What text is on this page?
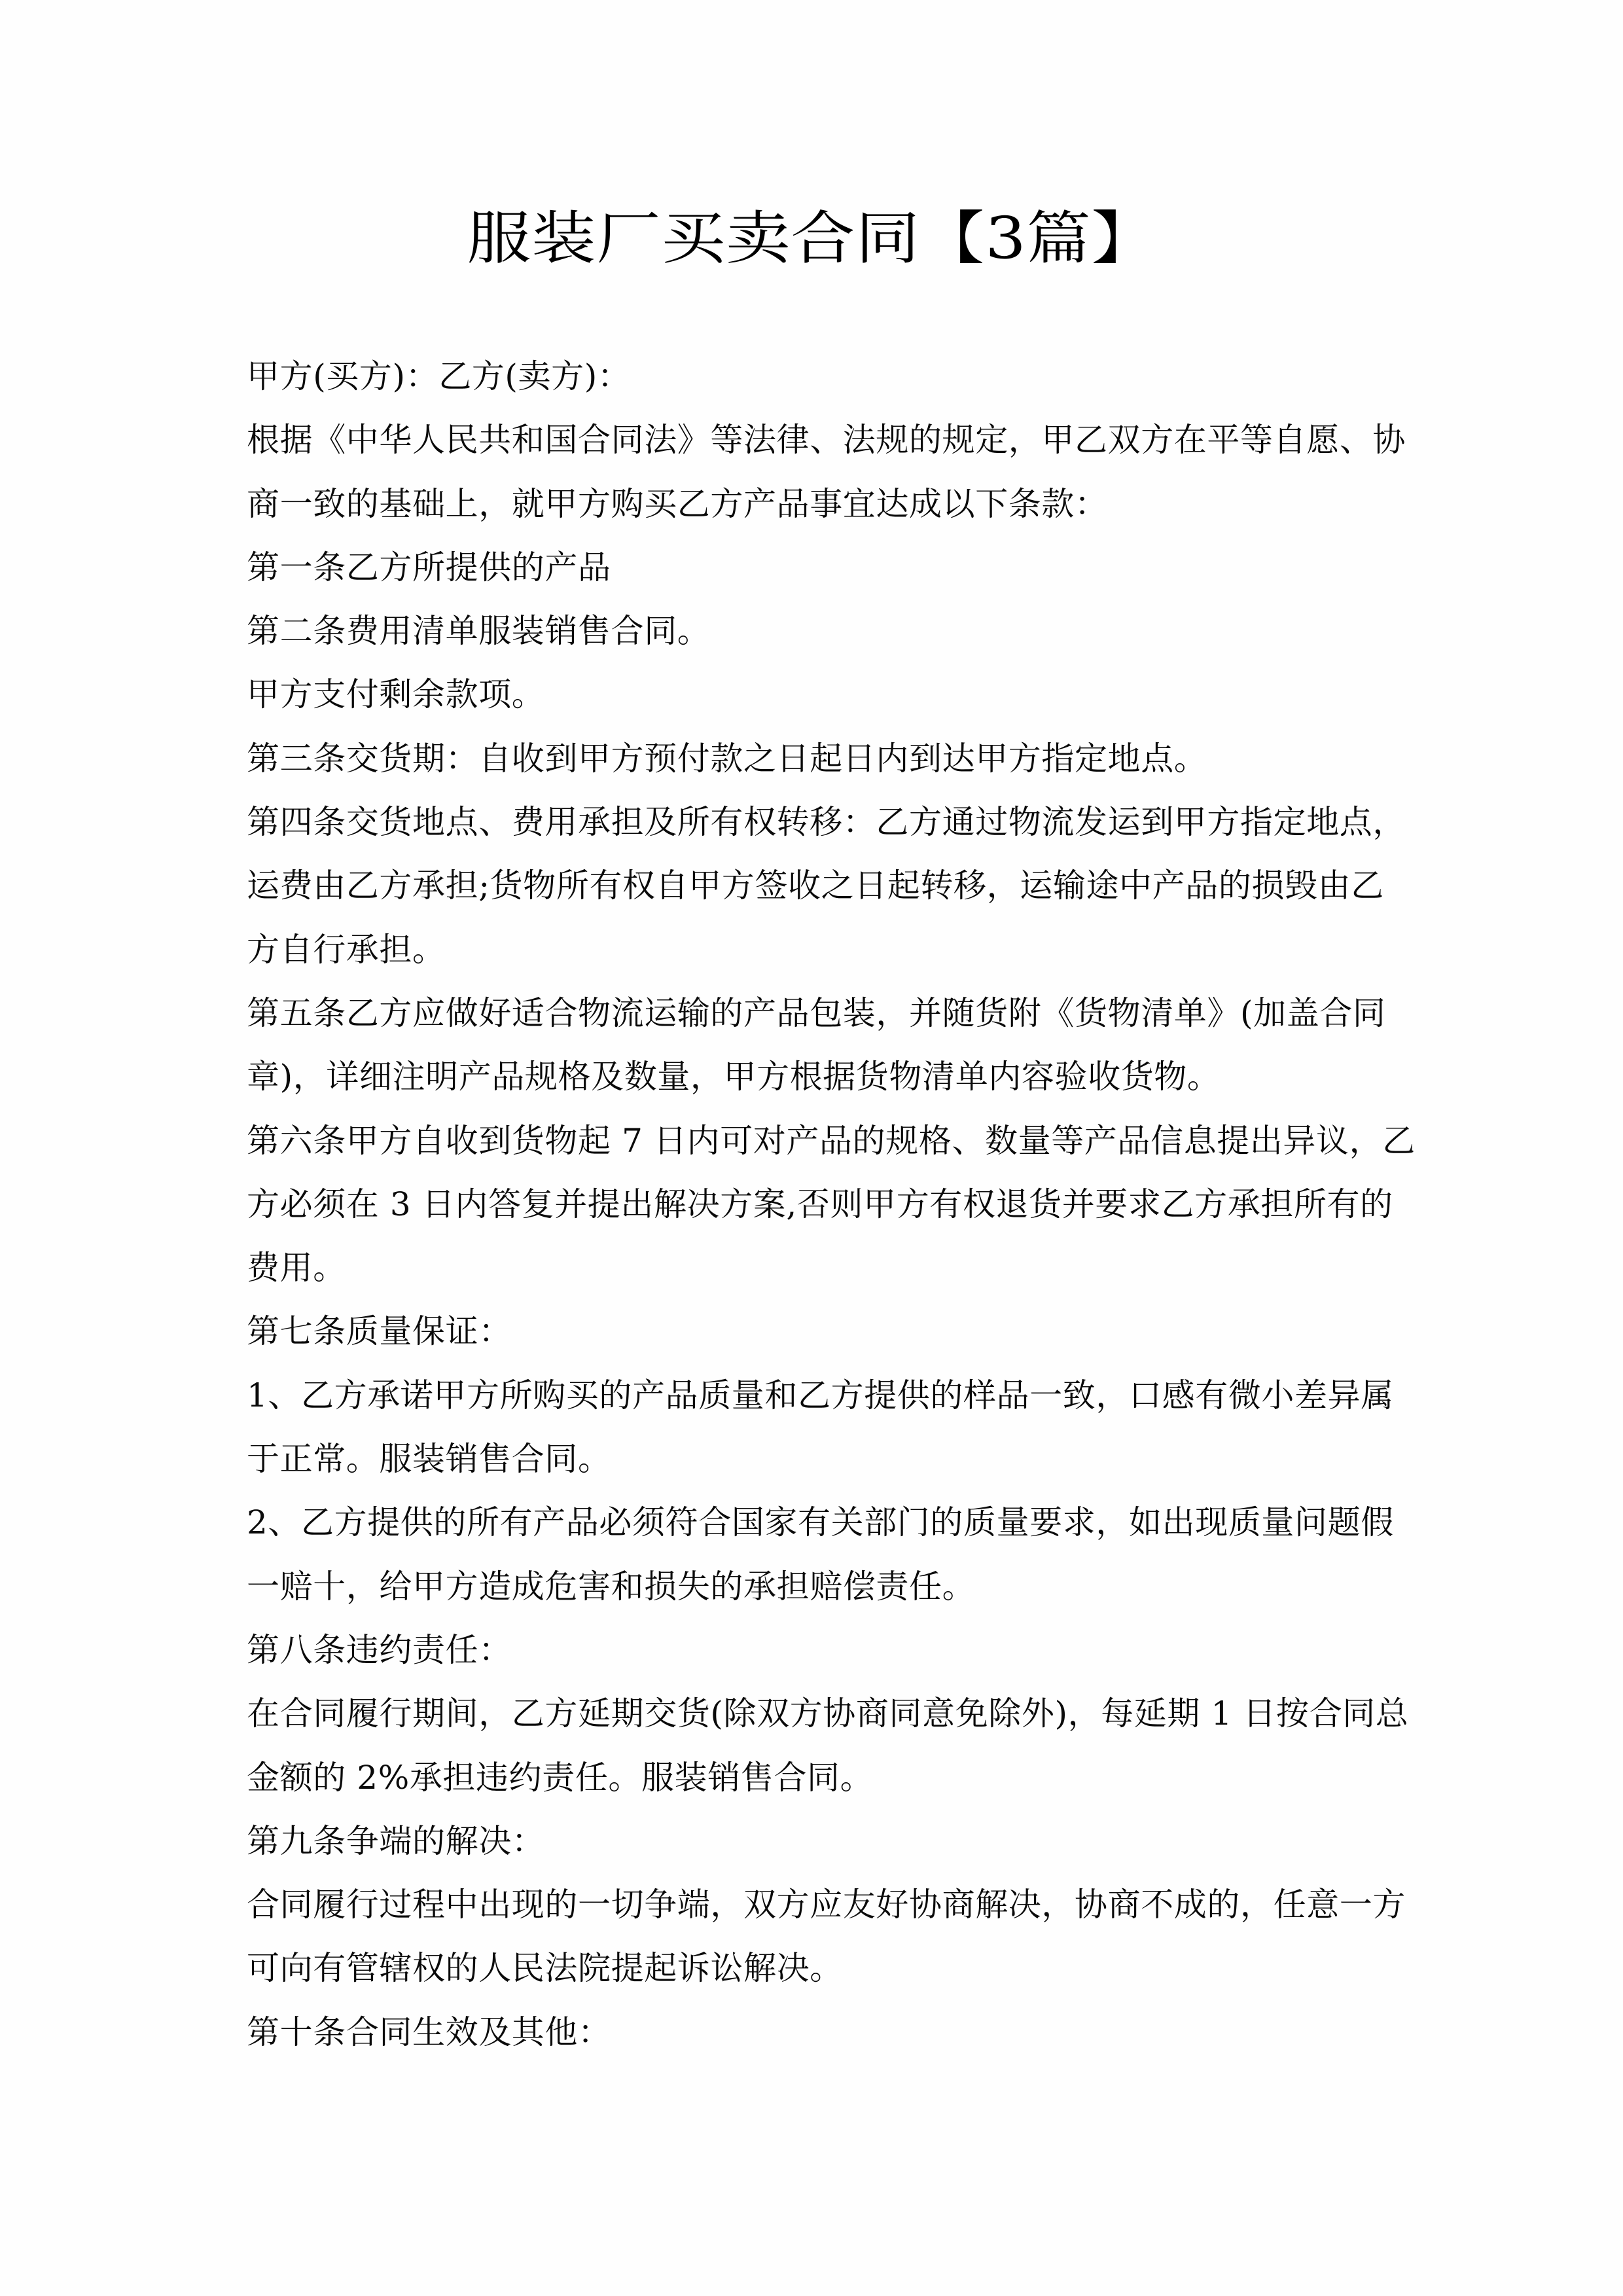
服装厂买卖合同【3篇】
甲方(买方)：乙方(卖方)：
根据《中华人民共和国合同法》等法律、法规的规定，甲乙双方在平等自愿、协
商一致的基础上，就甲方购买乙方产品事宜达成以下条款：
第一条乙方所提供的产品
第二条费用清单服装销售合同。
甲方支付剩余款项。
第三条交货期：自收到甲方预付款之日起日内到达甲方指定地点。
第四条交货地点、费用承担及所有权转移：乙方通过物流发运到甲方指定地点，
运费由乙方承担;货物所有权自甲方签收之日起转移，运输途中产品的损毁由乙
方自行承担。
第五条乙方应做好适合物流运输的产品包装，并随货附《货物清单》(加盖合同
章)，详细注明产品规格及数量，甲方根据货物清单内容验收货物。
第六条甲方自收到货物起 7 日内可对产品的规格、数量等产品信息提出异议，乙
方必须在 3 日内答复并提出解决方案,否则甲方有权退货并要求乙方承担所有的
费用。
第七条质量保证：
1、乙方承诺甲方所购买的产品质量和乙方提供的样品一致，口感有微小差异属
于正常。服装销售合同。
2、乙方提供的所有产品必须符合国家有关部门的质量要求，如出现质量问题假
一赔十，给甲方造成危害和损失的承担赔偿责任。
第八条违约责任：
在合同履行期间，乙方延期交货(除双方协商同意免除外)，每延期 1 日按合同总
金额的 2%承担违约责任。服装销售合同。
第九条争端的解决：
合同履行过程中出现的一切争端，双方应友好协商解决，协商不成的，任意一方
可向有管辖权的人民法院提起诉讼解决。
第十条合同生效及其他：
